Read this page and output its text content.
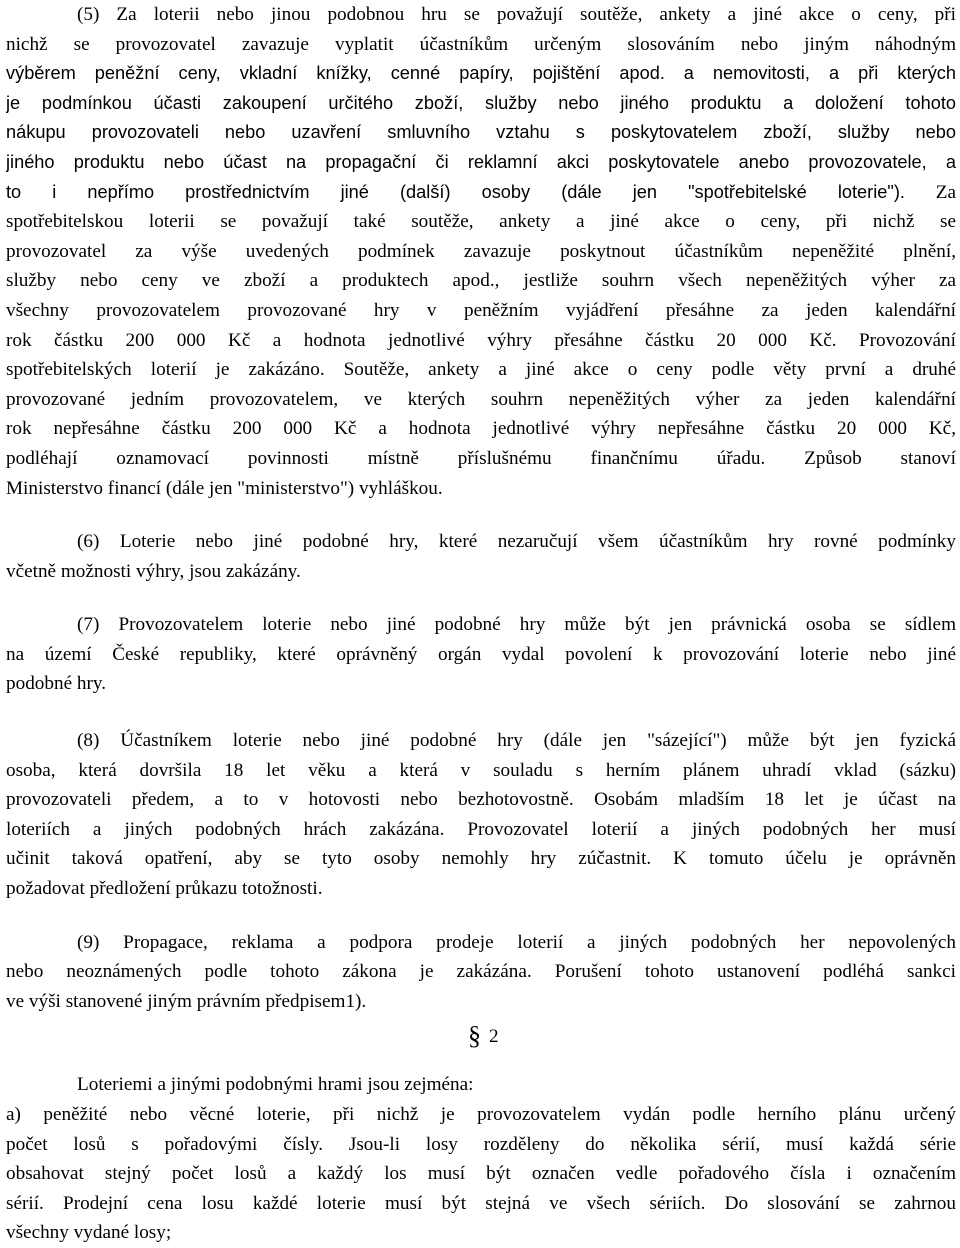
(5) Za loterii nebo jinou podobnou hru se považují soutěže, ankety a jiné akce o ceny, při
nichž se provozovatel zavazuje vyplatit účastníkům určeným slosováním nebo jiným náhodným
výběrem peněžní ceny, vkladní knížky, cenné papíry, pojištění apod. a nemovitosti, a při kterých
je podmínkou účasti zakoupení určitého zboží, služby nebo jiného produktu a doložení tohoto
nákupu provozovateli nebo uzavření smluvního vztahu s poskytovatelem zboží, služby nebo
jiného produktu nebo účast na propagační či reklamní akci poskytovatele anebo provozovatele, a
to i nepřímo prostřednictvím jiné (další) osoby (dále jen "spotřebitelské loterie"). Za
spotřebitelskou loterii se považují také soutěže, ankety a jiné akce o ceny, při nichž se
provozovatel za výše uvedených podmínek zavazuje poskytnout účastníkům nepeněžité plnění,
služby nebo ceny ve zboží a produktech apod., jestliže souhrn všech nepeněžitých výher za
všechny provozovatelem provozované hry v peněžním vyjádření přesáhne za jeden kalendářní
rok částku 200 000 Kč a hodnota jednotlivé výhry přesáhne částku 20 000 Kč. Provozování
spotřebitelských loterií je zakázáno. Soutěže, ankety a jiné akce o ceny podle věty první a druhé
provozované jedním provozovatelem, ve kterých souhrn nepeněžitých výher za jeden kalendářní
rok nepřesáhne částku 200 000 Kč a hodnota jednotlivé výhry nepřesáhne částku 20 000 Kč,
podléhají oznamovací povinnosti místně příslušnému finančnímu úřadu. Způsob stanoví
Ministerstvo financí (dále jen "ministerstvo") vyhláškou.
(6) Loterie nebo jiné podobné hry, které nezaručují všem účastníkům hry rovné podmínky
včetně možnosti výhry, jsou zakázány.
(7) Provozovatelem loterie nebo jiné podobné hry může být jen právnická osoba se sídlem
na území České republiky, které oprávněný orgán vydal povolení k provozování loterie nebo jiné
podobné hry.
(8) Účastníkem loterie nebo jiné podobné hry (dále jen "sázející") může být jen fyzická
osoba, která dovršila 18 let věku a která v souladu s herním plánem uhradí vklad (sázku)
provozovateli předem, a to v hotovosti nebo bezhotovostně. Osobám mladším 18 let je účast na
loteriích a jiných podobných hrách zakázána. Provozovatel loterií a jiných podobných her musí
učinit taková opatření, aby se tyto osoby nemohly hry zúčastnit. K tomuto účelu je oprávněn
požadovat předložení průkazu totožnosti.
(9) Propagace, reklama a podpora prodeje loterií a jiných podobných her nepovolených
nebo neoznámených podle tohoto zákona je zakázána. Porušení tohoto ustanovení podléhá sankci
ve výši stanovené jiným právním předpisem1).
§ 2
Loteriemi a jinými podobnými hrami jsou zejména:
a) peněžité nebo věcné loterie, při nichž je provozovatelem vydán podle herního plánu určený
počet losů s pořadovými čísly. Jsou-li losy rozděleny do několika sérií, musí každá série
obsahovat stejný počet losů a každý los musí být označen vedle pořadového čísla i označením
sérií. Prodejní cena losu každé loterie musí být stejná ve všech sériích. Do slosování se zahrnou
všechny vydané losy;
